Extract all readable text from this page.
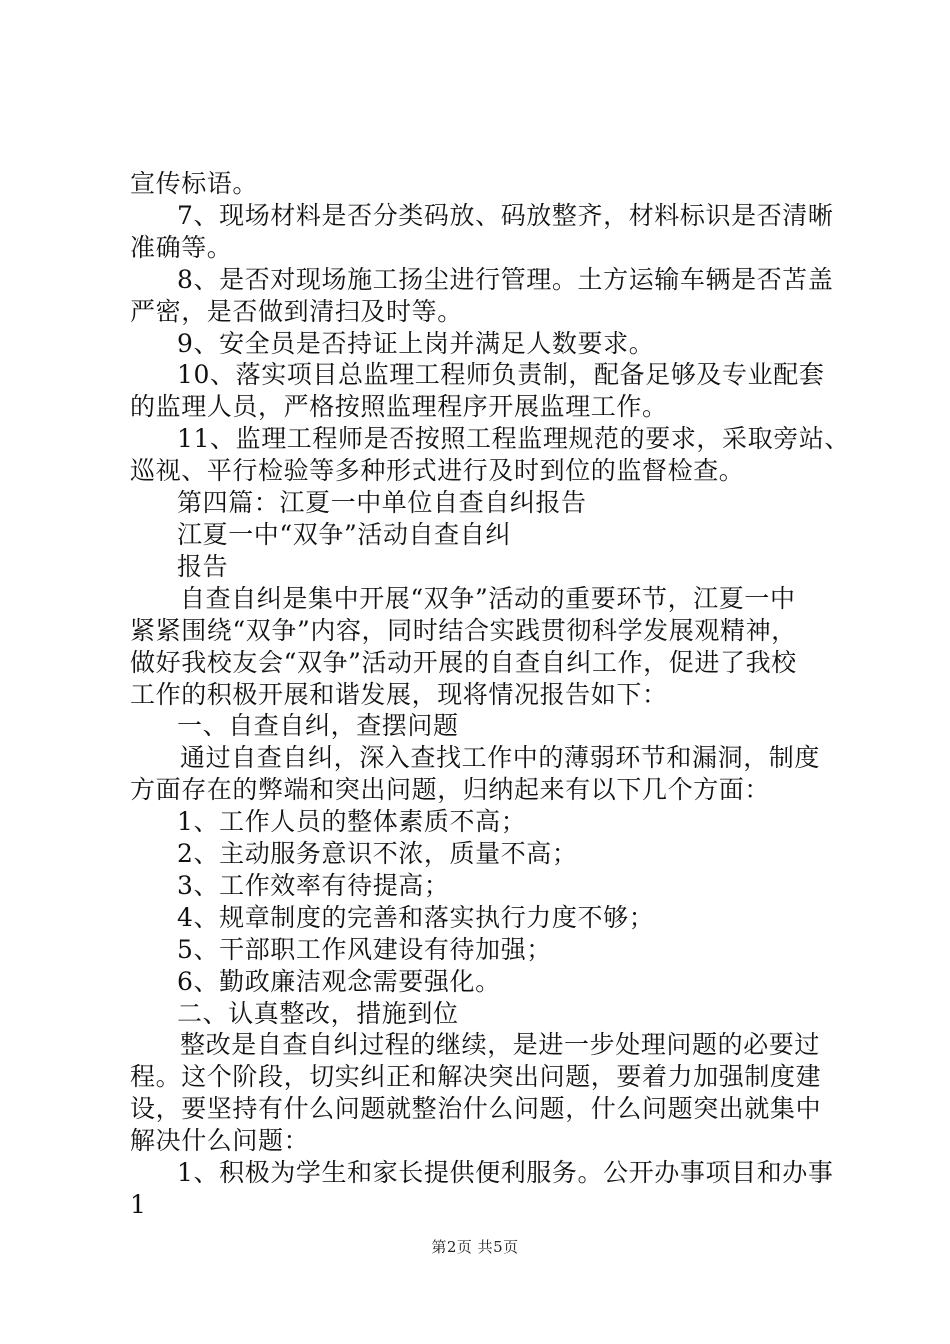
宣传标语。

7、现场材料是否分类码放、码放整齐，材料标识是否清晰

准确等。

8、是否对现场施工扬尘进行管理。土方运输车辆是否苫盖

严密，是否做到清扫及时等。

9、安全员是否持证上岗并满足人数要求。

10、落实项目总监理工程师负责制，配备足够及专业配套

的监理人员，严格按照监理程序开展监理工作。

11、监理工程师是否按照工程监理规范的要求，采取旁站、

巡视、平行检验等多种形式进行及时到位的监督检查。

第四篇：江夏一中单位自查自纠报告

江夏一中“双争”活动自查自纠

报告

自查自纠是集中开展“双争”活动的重要环节，江夏一中

紧紧围绕“双争”内容，同时结合实践贯彻科学发展观精神，

做好我校友会“双争”活动开展的自查自纠工作，促进了我校

工作的积极开展和谐发展，现将情况报告如下：

一、自查自纠，查摆问题

通过自查自纠，深入查找工作中的薄弱环节和漏洞，制度

方面存在的弊端和突出问题，归纳起来有以下几个方面：

1、工作人员的整体素质不高；

2、主动服务意识不浓，质量不高；

3、工作效率有待提高；

4、规章制度的完善和落实执行力度不够；

5、干部职工作风建设有待加强；

6、勤政廉洁观念需要强化。

二、认真整改，措施到位

整改是自查自纠过程的继续，是进一步处理问题的必要过

程。这个阶段，切实纠正和解决突出问题，要着力加强制度建

设，要坚持有什么问题就整治什么问题，什么问题突出就集中

解决什么问题：

1、积极为学生和家长提供便利服务。公开办事项目和办事

1

第2页 共5页
